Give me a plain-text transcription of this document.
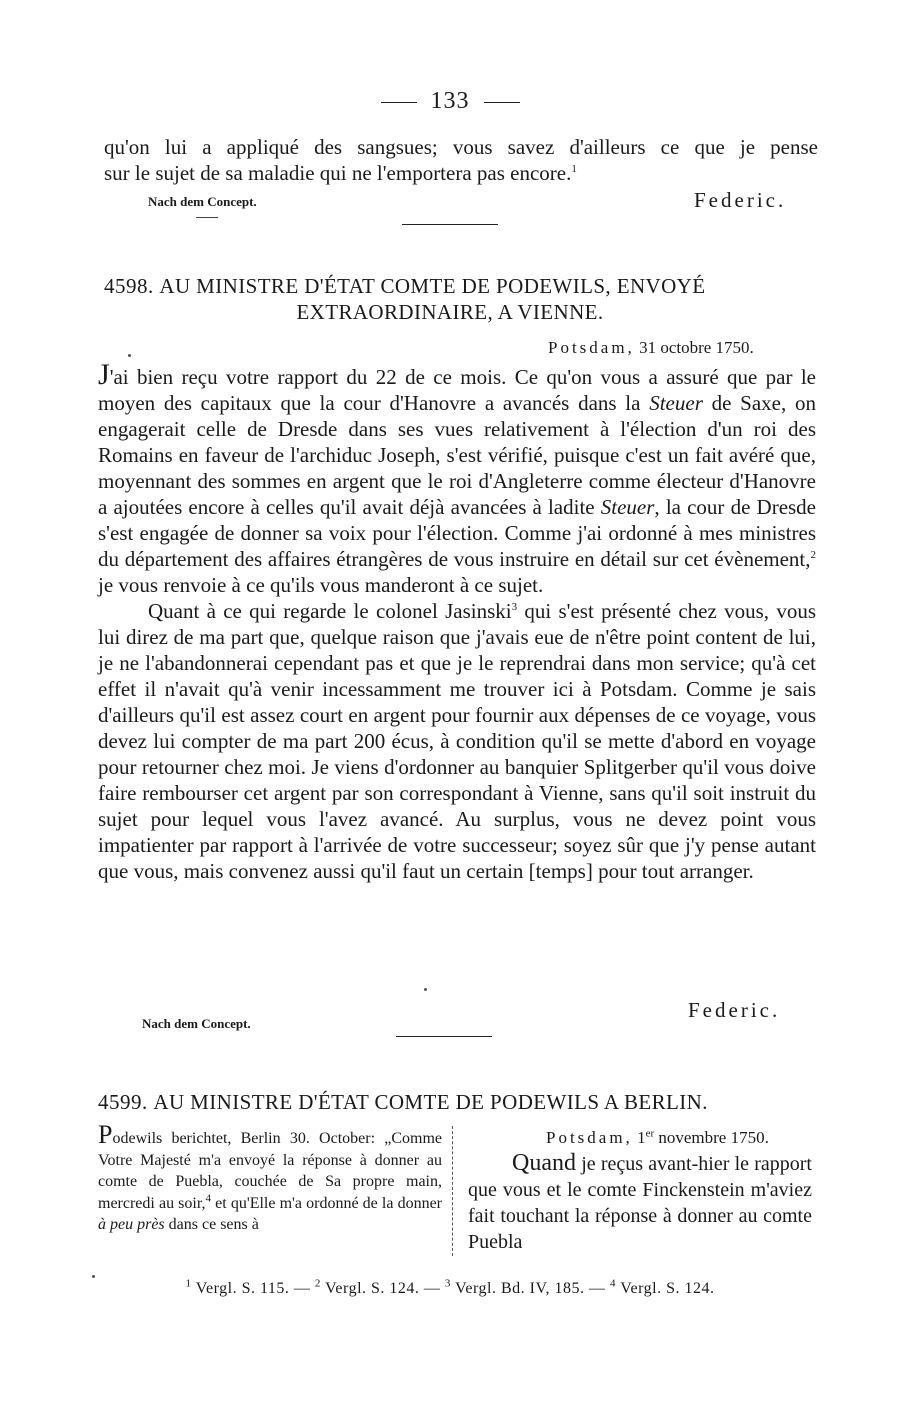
133

qu'on lui a appliqué des sangsues; vous savez d'ailleurs ce que je pense

sur le sujet de sa maladie qui ne l'emportera pas encore.$^1$

Nach dem Concept.	Federic.
4598. AU MINISTRE D'ÉTAT COMTE DE PODEWILS, ENVOYÉ
EXTRAORDINAIRE, A VIENNE.
Potsdam, 31 octobre 1750.

J'ai bien reçu votre rapport du 22 de ce mois. Ce qu'on vous a assuré que par le moyen des capitaux que la cour d'Hanovre a avancés dans la Steuer de Saxe, on engagerait celle de Dresde dans ses vues relativement à l'élection d'un roi des Romains en faveur de l'archiduc Joseph, s'est vérifié, puisque c'est un fait avéré que, moyennant des sommes en argent que le roi d'Angleterre comme électeur d'Hanovre a ajoutées encore à celles qu'il avait déjà avancées à ladite Steuer, la cour de Dresde s'est engagée de donner sa voix pour l'élection. Comme j'ai ordonné à mes ministres du département des affaires étrangères de vous instruire en détail sur cet évènement,$^2$ je vous renvoie à ce qu'ils vous manderont à ce sujet.

Quant à ce qui regarde le colonel Jasinski$^3$ qui s'est présenté chez vous, vous lui direz de ma part que, quelque raison que j'avais eue de n'être point content de lui, je ne l'abandonnerai cependant pas et que je le reprendrai dans mon service; qu'à cet effet il n'avait qu'à venir incessamment me trouver ici à Potsdam. Comme je sais d'ailleurs qu'il est assez court en argent pour fournir aux dépenses de ce voyage, vous devez lui compter de ma part 200 écus, à condition qu'il se mette d'abord en voyage pour retourner chez moi. Je viens d'ordonner au banquier Splitgerber qu'il vous doive faire rembourser cet argent par son correspondant à Vienne, sans qu'il soit instruit du sujet pour lequel vous l'avez avancé. Au surplus, vous ne devez point vous impatienter par rapport à l'arrivée de votre successeur; soyez sûr que j'y pense autant que vous, mais convenez aussi qu'il faut un certain [temps] pour tout arranger.

Federic.
Nach dem Concept.
4599. AU MINISTRE D'ÉTAT COMTE DE PODEWILS A BERLIN.
Podewils berichtet, Berlin 30. October: „Comme Votre Majesté m'a envoyé la réponse à donner au comte de Puebla, couchée de Sa propre main, mercredi au soir,$^4$ et qu'Elle m'a ordonné de la donner à peu près dans ce sens à
Potsdam, 1er novembre 1750.
Quand je reçus avant-hier le rapport que vous et le comte Finckenstein m'aviez fait touchant la réponse à donner au comte Puebla
$^1$ Vergl. S. 115. — $^2$ Vergl. S. 124. — $^3$ Vergl. Bd. IV, 185. — $^4$ Vergl. S. 124.
